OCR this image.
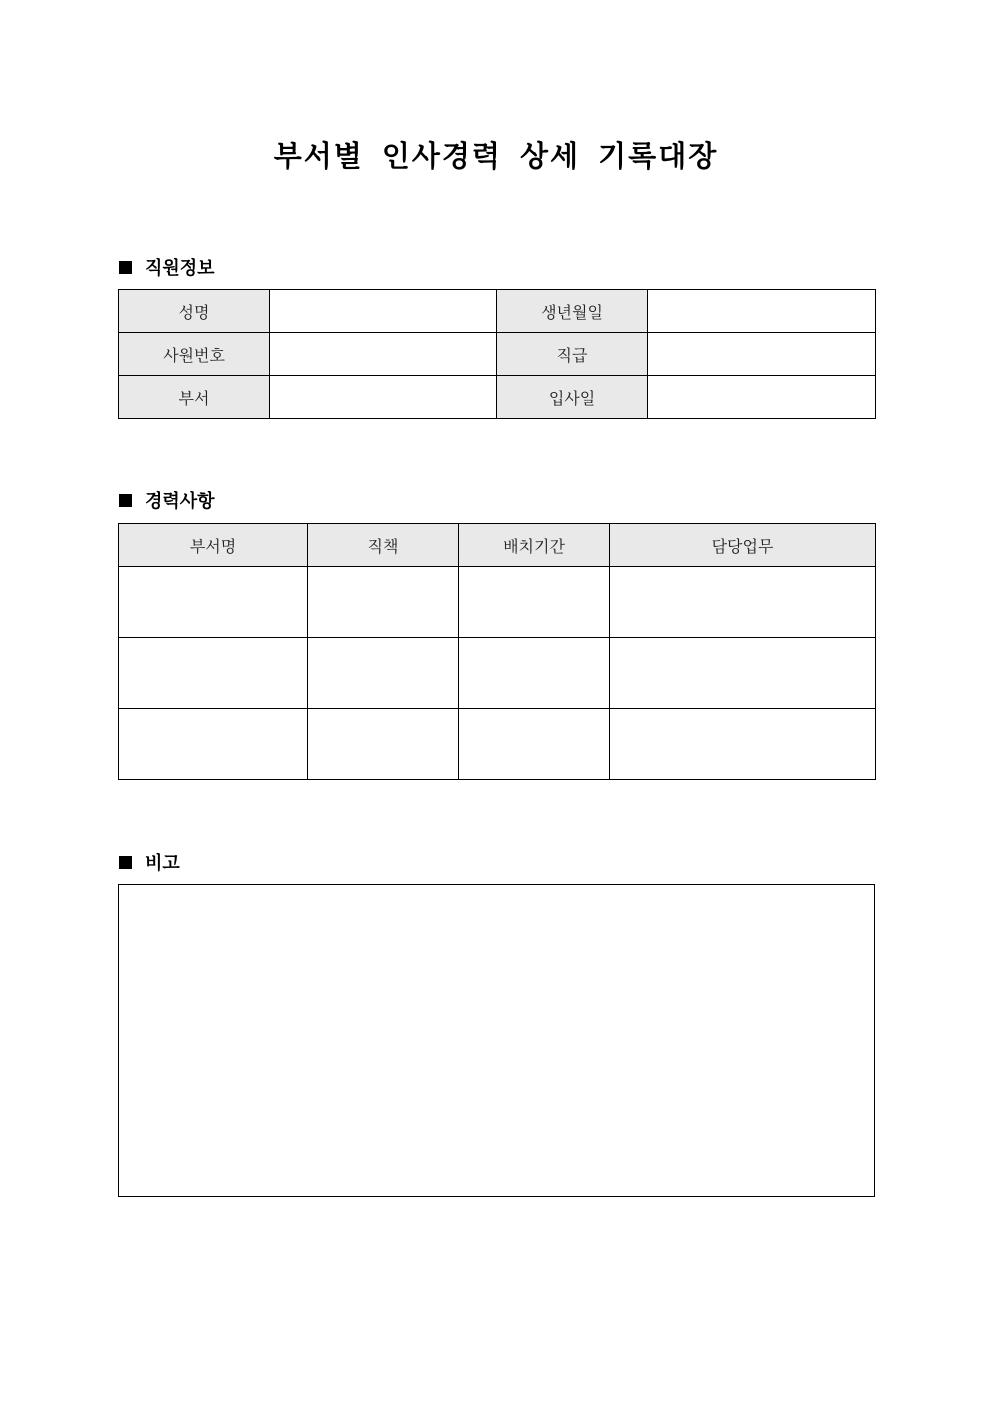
부서별 인사경력 상세 기록대장
직원정보
성명		생년월일	
사원번호		직급	
부서		입사일	
경력사항
부서명	직책	배치기간	담당업무

비고
